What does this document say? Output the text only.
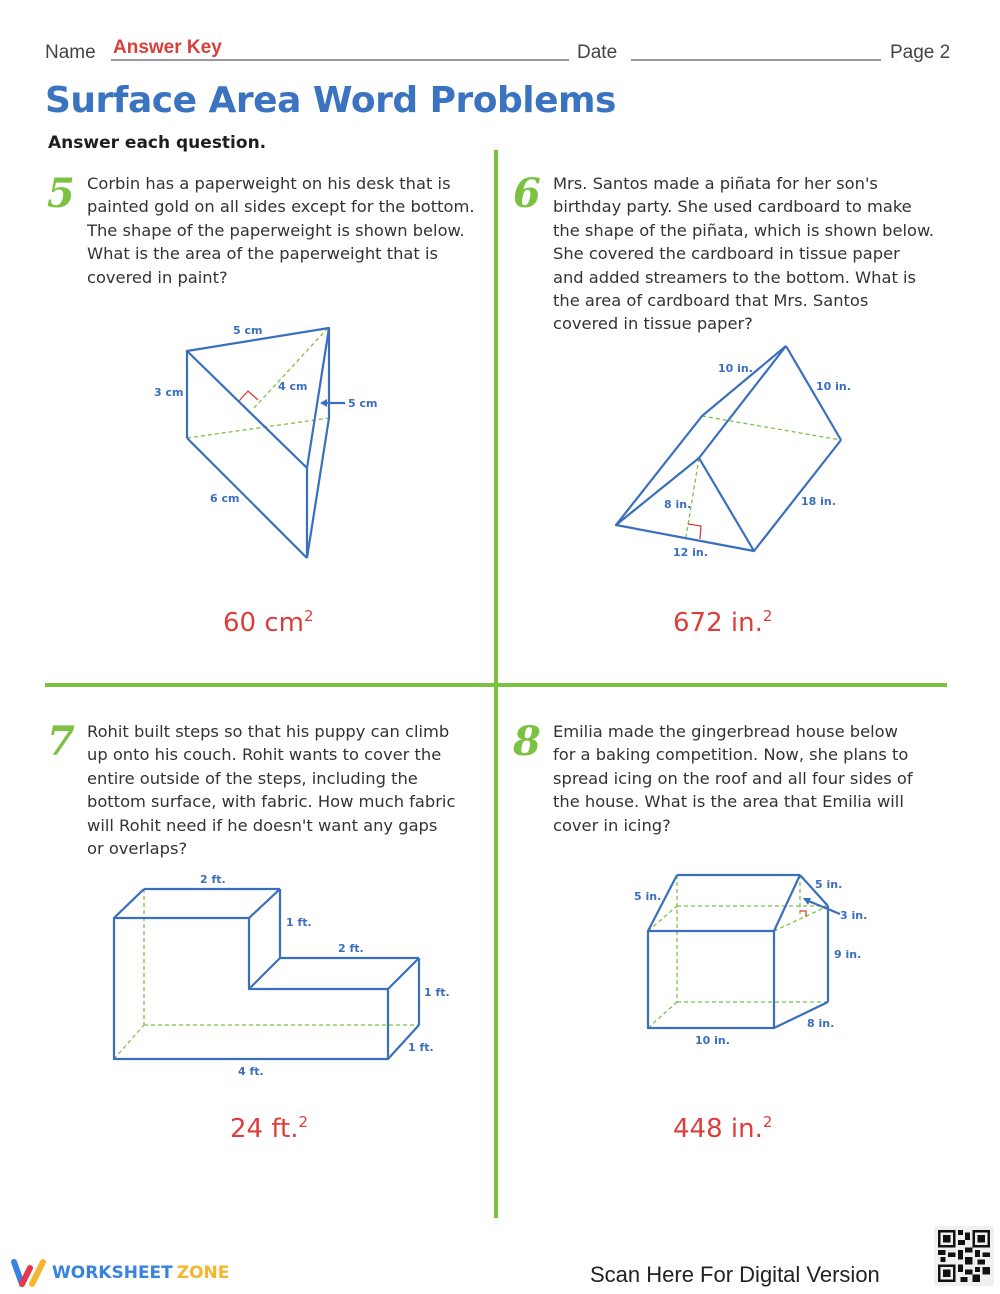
Name Answer Key	Date	Page 2
Surface Area Word Problems
Answer each question.
5 Corbin has a paperweight on his desk that is
painted gold on all sides except for the bottom.
The shape of the paperweight is shown below.
What is the area of the paperweight that is
covered in paint?
5 cm
3 cm	4 cm
5 cm
6 cm
60 $cm^2$
6 Mrs. Santos made a piñata for her son's
birthday party. She used cardboard to make
the shape of the piñata, which is shown below.
She covered the cardboard in tissue paper
and added streamers to the bottom. What is
the area of cardboard that Mrs. Santos
covered in tissue paper?
10 in.
10 in.
8 in.	18 in.
12 in.
672 in.$^2$
7 Rohit built steps so that his puppy can climb
up onto his couch. Rohit wants to cover the
entire outside of the steps, including the
bottom surface, with fabric. How much fabric
will Rohit need if he doesn't want any gaps
or overlaps?
2 ft.
1 ft.
2 ft.
1 ft.
1 ft.
4 ft.
24 ft.$^2$
8 Emilia made the gingerbread house below
for a baking competition. Now, she plans to
spread icing on the roof and all four sides of
the house. What is the area that Emilia will
cover in icing?
5 in.
5 in.
3 in.
9 in.
8 in.
10 in.
448 in.$^2$
WORKSHEET ZONE	Scan Here For Digital Version
